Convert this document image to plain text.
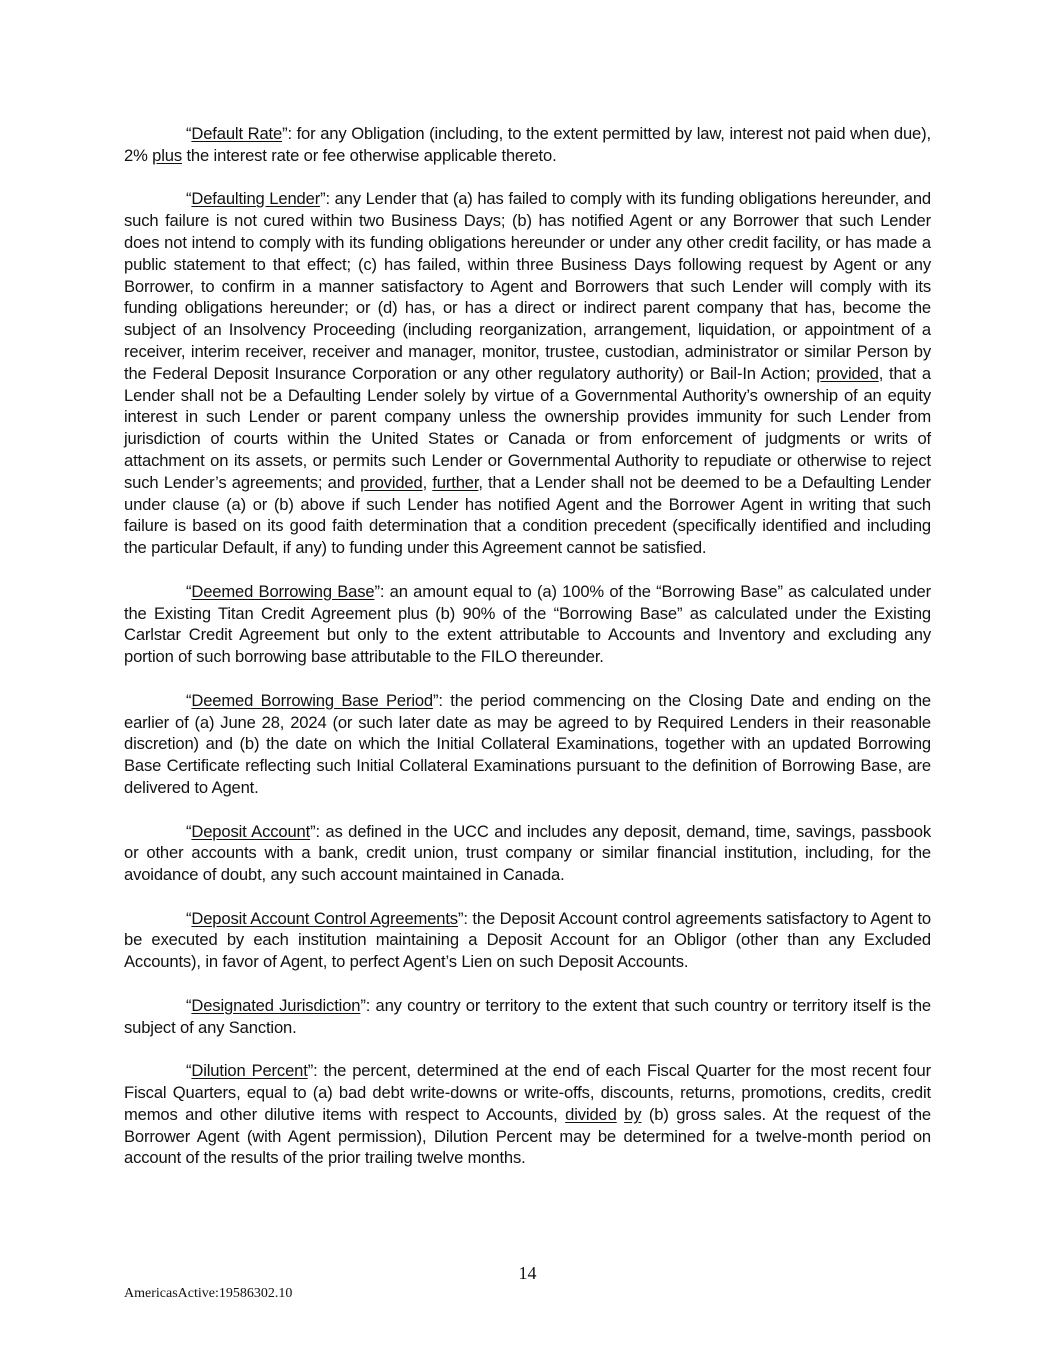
“Default Rate”: for any Obligation (including, to the extent permitted by law, interest not paid when due), 2% plus the interest rate or fee otherwise applicable thereto.

“Defaulting Lender”: any Lender that (a) has failed to comply with its funding obligations hereunder, and such failure is not cured within two Business Days; (b) has notified Agent or any Borrower that such Lender does not intend to comply with its funding obligations hereunder or under any other credit facility, or has made a public statement to that effect; (c) has failed, within three Business Days following request by Agent or any Borrower, to confirm in a manner satisfactory to Agent and Borrowers that such Lender will comply with its funding obligations hereunder; or (d) has, or has a direct or indirect parent company that has, become the subject of an Insolvency Proceeding (including reorganization, arrangement, liquidation, or appointment of a receiver, interim receiver, receiver and manager, monitor, trustee, custodian, administrator or similar Person by the Federal Deposit Insurance Corporation or any other regulatory authority) or Bail-In Action; provided, that a Lender shall not be a Defaulting Lender solely by virtue of a Governmental Authority’s ownership of an equity interest in such Lender or parent company unless the ownership provides immunity for such Lender from jurisdiction of courts within the United States or Canada or from enforcement of judgments or writs of attachment on its assets, or permits such Lender or Governmental Authority to repudiate or otherwise to reject such Lender’s agreements; and provided, further, that a Lender shall not be deemed to be a Defaulting Lender under clause (a) or (b) above if such Lender has notified Agent and the Borrower Agent in writing that such failure is based on its good faith determination that a condition precedent (specifically identified and including the particular Default, if any) to funding under this Agreement cannot be satisfied.

“Deemed Borrowing Base”: an amount equal to (a) 100% of the “Borrowing Base” as calculated under the Existing Titan Credit Agreement plus (b) 90% of the “Borrowing Base” as calculated under the Existing Carlstar Credit Agreement but only to the extent attributable to Accounts and Inventory and excluding any portion of such borrowing base attributable to the FILO thereunder.

“Deemed Borrowing Base Period”: the period commencing on the Closing Date and ending on the earlier of (a) June 28, 2024 (or such later date as may be agreed to by Required Lenders in their reasonable discretion) and (b) the date on which the Initial Collateral Examinations, together with an updated Borrowing Base Certificate reflecting such Initial Collateral Examinations pursuant to the definition of Borrowing Base, are delivered to Agent.

“Deposit Account”: as defined in the UCC and includes any deposit, demand, time, savings, passbook or other accounts with a bank, credit union, trust company or similar financial institution, including, for the avoidance of doubt, any such account maintained in Canada.

“Deposit Account Control Agreements”: the Deposit Account control agreements satisfactory to Agent to be executed by each institution maintaining a Deposit Account for an Obligor (other than any Excluded Accounts), in favor of Agent, to perfect Agent’s Lien on such Deposit Accounts.

“Designated Jurisdiction”: any country or territory to the extent that such country or territory itself is the subject of any Sanction.

“Dilution Percent”: the percent, determined at the end of each Fiscal Quarter for the most recent four Fiscal Quarters, equal to (a) bad debt write-downs or write-offs, discounts, returns, promotions, credits, credit memos and other dilutive items with respect to Accounts, divided by (b) gross sales. At the request of the Borrower Agent (with Agent permission), Dilution Percent may be determined for a twelve-month period on account of the results of the prior trailing twelve months.

14
AmericasActive:19586302.10
